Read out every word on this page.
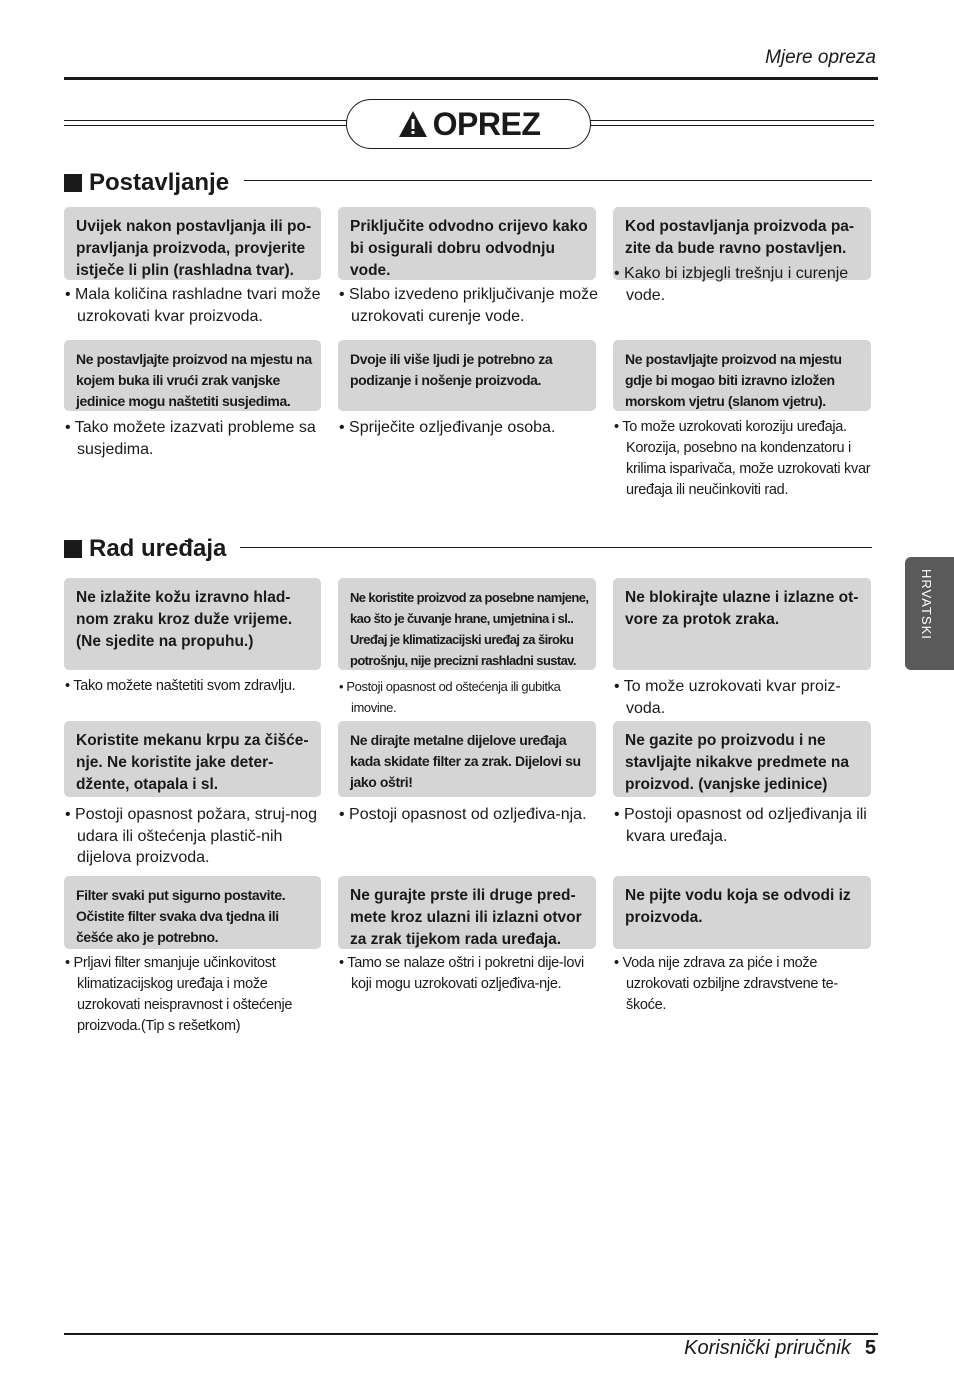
Mjere opreza
OPREZ
Postavljanje
Uvijek nakon postavljanja ili po-pravljanja proizvoda, provjerite istječe li plin (rashladna tvar).
Priključite odvodno crijevo kako bi osigurali dobru odvodnju vode.
Kod postavljanja proizvoda pa-zite da bude ravno postavljen.
• Mala količina rashladne tvari može uzrokovati kvar proizvoda.
• Slabo izvedeno priključivanje može uzrokovati curenje vode.
• Kako bi izbjegli trešnju i curenje vode.
Ne postavljajte proizvod na mjestu na kojem buka ili vrući zrak vanjske jedinice mogu naštetiti susjedima.
Dvoje ili više ljudi je potrebno za podizanje i nošenje proizvoda.
Ne postavljajte proizvod na mjestu gdje bi mogao biti izravno izložen morskom vjetru (slanom vjetru).
• Tako možete izazvati probleme sa susjedima.
• Spriječite ozljeđivanje osoba.	• To može uzrokovati koroziju uređaja. Korozija, posebno na kondenzatoru i krilima isparivača, može uzrokovati kvar uređaja ili neučinkoviti rad.
Rad uređaja
Ne izlažite kožu izravno hlad-nom zraku kroz duže vrijeme. (Ne sjedite na propuhu.)
Ne koristite proizvod za posebne namjene, kao što je čuvanje hrane, umjetnina i sl.. Uređaj je klimatizacijski uređaj za široku potrošnju, nije precizni rashladni sustav.
Ne blokirajte ulazne i izlazne ot-vore za protok zraka.
• Tako možete naštetiti svom zdravlju.	• Postoji opasnost od oštećenja ili gubitka imovine.
• To može uzrokovati kvar proiz-voda.
Koristite mekanu krpu za čišće-nje. Ne koristite jake deter-džente, otapala i sl.
Ne dirajte metalne dijelove uređaja kada skidate filter za zrak. Dijelovi su jako oštri!
Ne gazite po proizvodu i ne stavljajte nikakve predmete na proizvod. (vanjske jedinice)
• Postoji opasnost požara, struj-nog udara ili oštećenja plastič-nih dijelova proizvoda.
• Postoji opasnost od ozljeđiva-nja.	• Postoji opasnost od ozljeđivanja ili kvara uređaja.
Filter svaki put sigurno postavite. Očistite filter svaka dva tjedna ili češće ako je potrebno.
Ne gurajte prste ili druge pred-mete kroz ulazni ili izlazni otvor za zrak tijekom rada uređaja.
Ne pijte vodu koja se odvodi iz proizvoda.
• Prljavi filter smanjuje učinkovitost klimatizacijskog uređaja i može uzrokovati neispravnost i oštećenje proizvoda.(Tip s rešetkom)
• Tamo se nalaze oštri i pokretni dije-lovi koji mogu uzrokovati ozljeđiva-nje.
• Voda nije zdrava za piće i može uzrokovati ozbiljne zdravstvene te-škoće.
HRVATSKI
Korisnički priručnik 5
